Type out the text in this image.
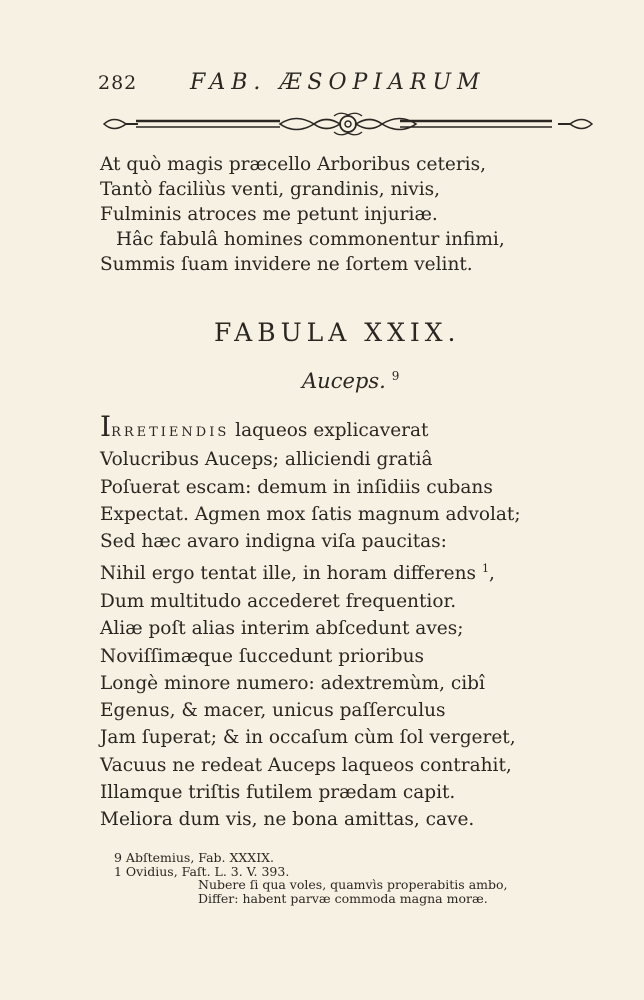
282 FAB. ÆSOPIARUM
At quò magis præcello Arboribus ceteris,
Tantò faciliùs venti, grandinis, nivis,
Fulminis atroces me petunt injuriæ.
Hâc fabulâ homines commonentur infimi,
Summis ſuam invidere ne ſortem velint.
FABULA XXIX.
Auceps. $^9$
IRRETIENDIS laqueos explicaverat
Volucribus Auceps; alliciendi gratiâ
Poſuerat escam: demum in inſidiis cubans
Expectat. Agmen mox ſatis magnum advolat;
Sed hæc avaro indigna viſa paucitas:
Nihil ergo tentat ille, in horam differens $^1$,
Dum multitudo accederet frequentior.
Aliæ poſt alias interim abſcedunt aves;
Noviſſimæque ſuccedunt prioribus
Longè minore numero: adextremùm, cibî
Egenus, & macer, unicus paſſerculus
Jam ſuperat; & in occaſum cùm ſol vergeret,
Vacuus ne redeat Auceps laqueos contrahit,
Illamque triſtis futilem prædam capit.
Meliora dum vis, ne bona amittas, cave.
9 Abſtemius, Fab. XXXIX.
1 Ovidius, Faſt. L. 3. V. 393.
Nubere ſi qua voles, quamvìs properabitis ambo,
Differ: habent parvæ commoda magna moræ.
